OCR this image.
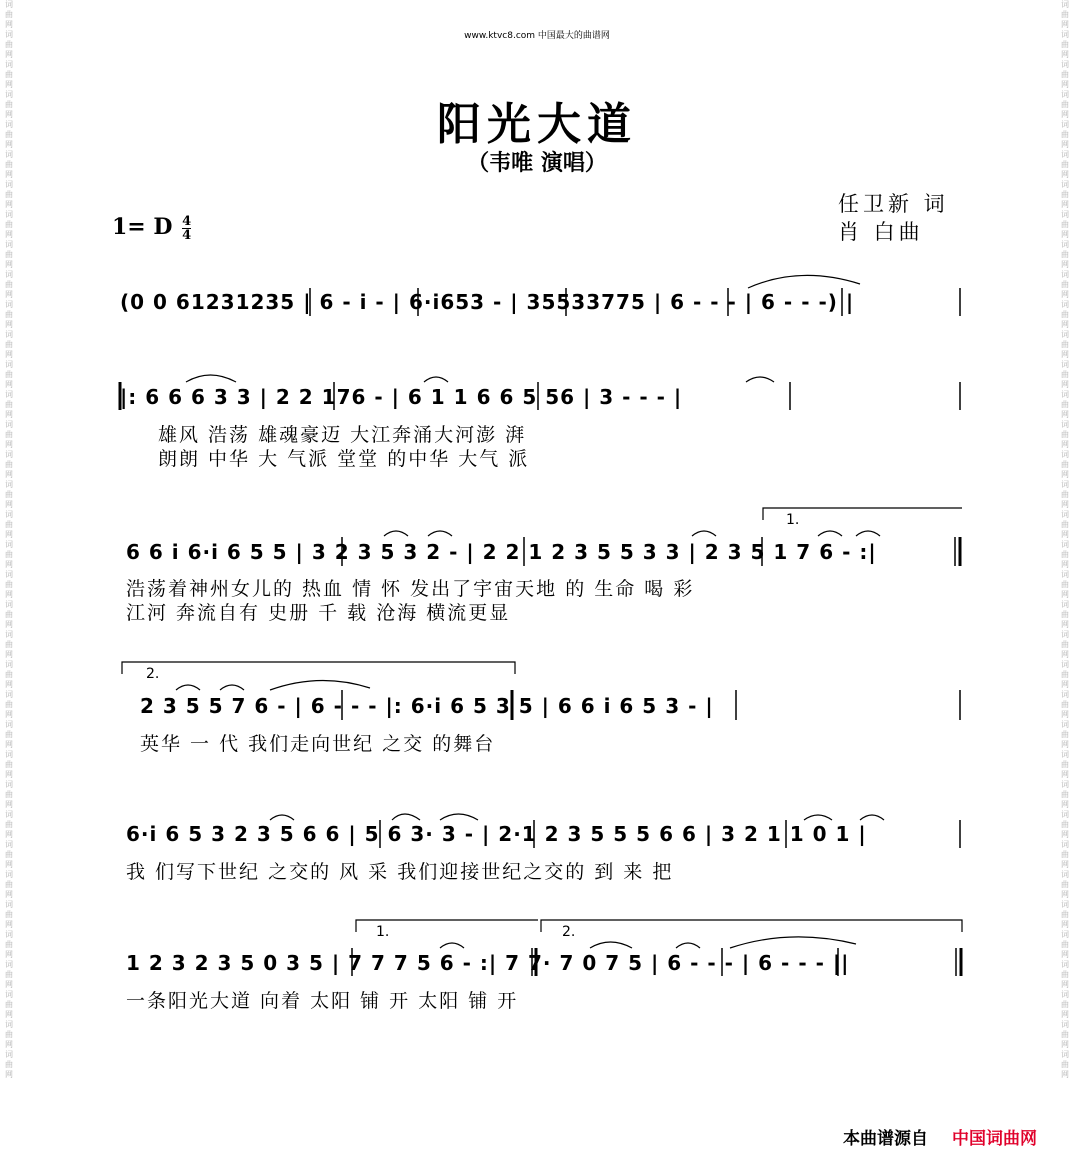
词曲网词曲网词曲网词曲网词曲网词曲网词曲网词曲网词曲网词曲网词曲网词曲网词曲网词曲网词曲网词曲网词曲网词曲网词曲网词曲网词曲网词曲网词曲网词曲网词曲网词曲网词曲网词曲网词曲网词曲网词曲网词曲网词曲网词曲网词曲网词曲网
词曲网词曲网词曲网词曲网词曲网词曲网词曲网词曲网词曲网词曲网词曲网词曲网词曲网词曲网词曲网词曲网词曲网词曲网词曲网词曲网词曲网词曲网词曲网词曲网词曲网词曲网词曲网词曲网词曲网词曲网词曲网词曲网词曲网词曲网词曲网词曲网
www.ktvc8.com 中国最大的曲谱网
阳光大道
（韦唯 演唱）
任卫新 词
肖 白曲
1= D $\frac{4}{4}$
(0 0 61231235 | 6 - i - | 6·i653 - | 35533775 | 6 - - - | 6 - - -) |
|: 6 6 6 3 3 | 2 2 176 - | 6 1 1 6 6 5 56 | 3 - - - |
雄风 浩荡 雄魂豪迈 大江奔涌大河澎 湃
朗朗 中华 大 气派 堂堂 的中华 大气 派
1.
6 6 i 6·i 6 5 5 | 3 2 3 5 3 2 - | 2 2 1 2 3 5 5 3 3 | 2 3 5 1 7 6 - :|
浩荡着神州女儿的 热血 情 怀 发出了宇宙天地 的 生命 喝 彩
江河 奔流自有 史册 千 载 沧海 横流更显
2.
2 3 5 5 7 6 - | 6 - - - |: 6·i 6 5 3 5 | 6 6 i 6 5 3 - |
英华 一 代 我们走向世纪 之交 的舞台
6·i 6 5 3 2 3 5 6 6 | 5 6 3· 3 - | 2·1 2 3 5 5 5 6 6 | 3 2 1 1 0 1 |
我 们写下世纪 之交的 风 采 我们迎接世纪之交的 到 来 把
1.	2.
1 2 3 2 3 5 0 3 5 | 7 7 7 5 6 - :| 7 7· 7 0 7 5 | 6 - - - | 6 - - - ||
一条阳光大道 向着 太阳 铺 开 太阳 铺 开
本曲谱源自 中国词曲网
